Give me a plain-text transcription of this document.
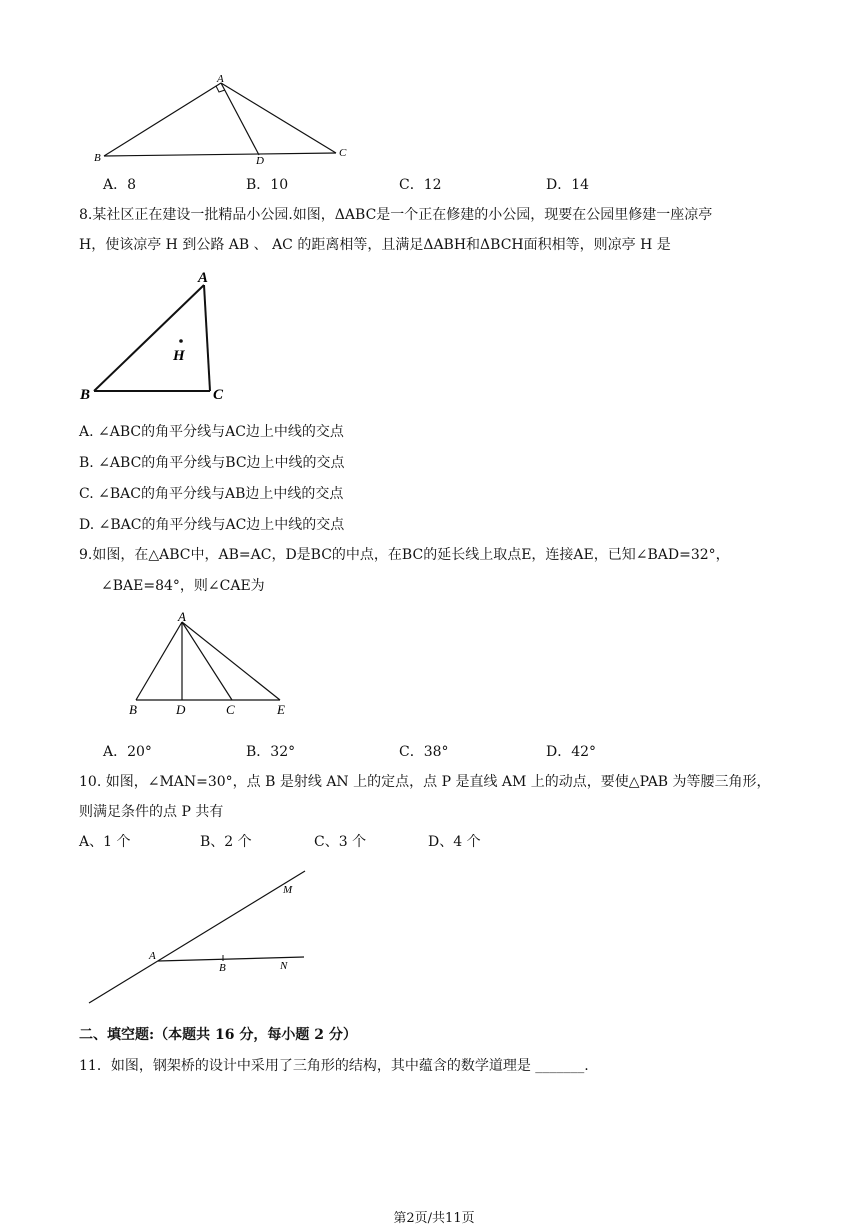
A
B	D
C
A．8	B．10	C．12	D．14
8.某社区正在建设一批精品小公园.如图，ΔABC是一个正在修建的小公园，现要在公园里修建一座凉亭
H，使该凉亭 H 到公路 AB 、 AC 的距离相等，且满足ΔABH和ΔBCH面积相等，则凉亭 H 是
A
B	C
H
A. ∠ABC的角平分线与AC边上中线的交点
B. ∠ABC的角平分线与BC边上中线的交点
C. ∠BAC的角平分线与AB边上中线的交点
D. ∠BAC的角平分线与AC边上中线的交点
9.如图，在△ABC中，AB=AC，D是BC的中点，在BC的延长线上取点E，连接AE，已知∠BAD=32°，
∠BAE=84°，则∠CAE为
A
B	D	C	E
A．20°	B．32°	C．38°	D．42°
10. 如图，∠MAN=30°，点 B 是射线 AN 上的定点，点 P 是直线 AM 上的动点，要使△PAB 为等腰三角形，
则满足条件的点 P 共有
A、1 个	B、2 个	C、3 个	D、4 个
A
B
M
N
二、填空题:（本题共 16 分，每小题 2 分）
11．如图，钢架桥的设计中采用了三角形的结构，其中蕴含的数学道理是 _______.
第2页/共11页
